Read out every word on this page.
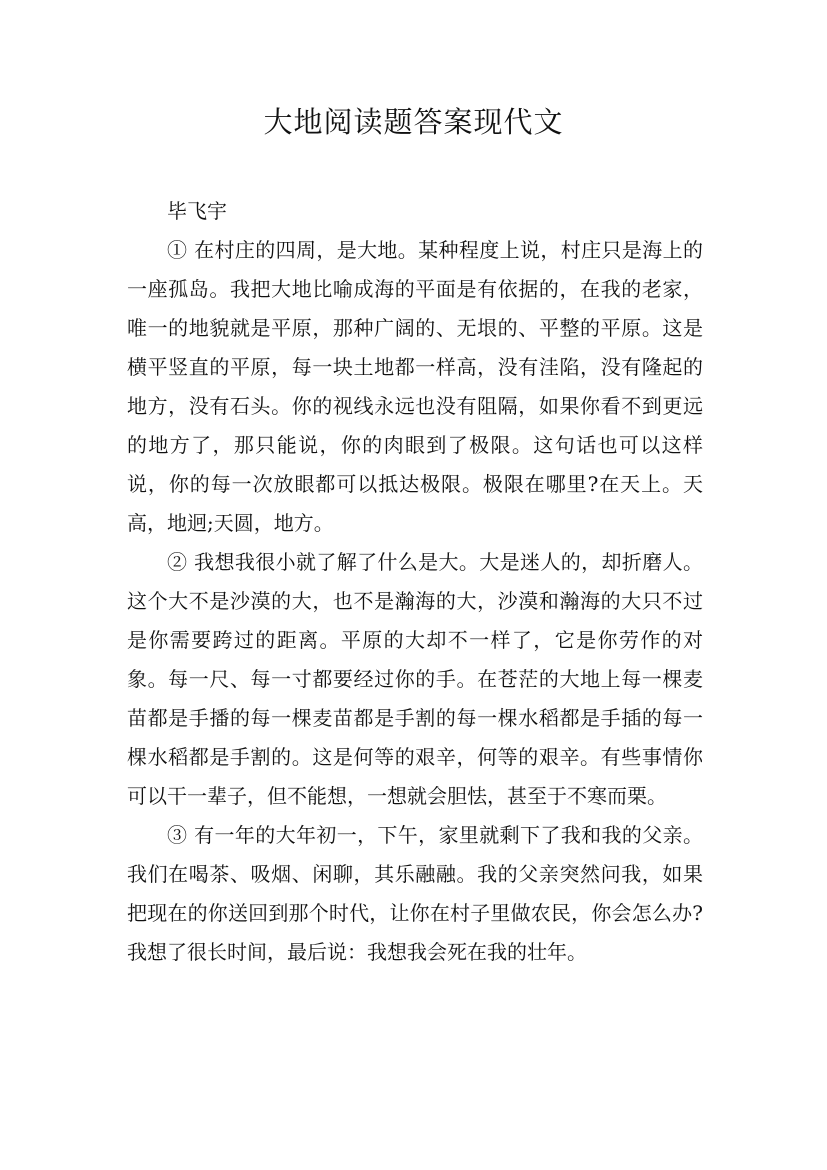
大地阅读题答案现代文

毕飞宇

① 在村庄的四周，是大地。某种程度上说，村庄只是海上的一座孤岛。我把大地比喻成海的平面是有依据的，在我的老家，唯一的地貌就是平原，那种广阔的、无垠的、平整的平原。这是横平竖直的平原，每一块土地都一样高，没有洼陷，没有隆起的地方，没有石头。你的视线永远也没有阻隔，如果你看不到更远的地方了，那只能说，你的肉眼到了极限。这句话也可以这样说，你的每一次放眼都可以抵达极限。极限在哪里?在天上。天高，地迥;天圆，地方。

② 我想我很小就了解了什么是大。大是迷人的，却折磨人。这个大不是沙漠的大，也不是瀚海的大，沙漠和瀚海的大只不过是你需要跨过的距离。平原的大却不一样了，它是你劳作的对象。每一尺、每一寸都要经过你的手。在苍茫的大地上每一棵麦苗都是手播的每一棵麦苗都是手割的每一棵水稻都是手插的每一棵水稻都是手割的。这是何等的艰辛，何等的艰辛。有些事情你可以干一辈子，但不能想，一想就会胆怯，甚至于不寒而栗。

③ 有一年的大年初一，下午，家里就剩下了我和我的父亲。我们在喝茶、吸烟、闲聊，其乐融融。我的父亲突然问我，如果把现在的你送回到那个时代，让你在村子里做农民，你会怎么办?我想了很长时间，最后说：我想我会死在我的壮年。
